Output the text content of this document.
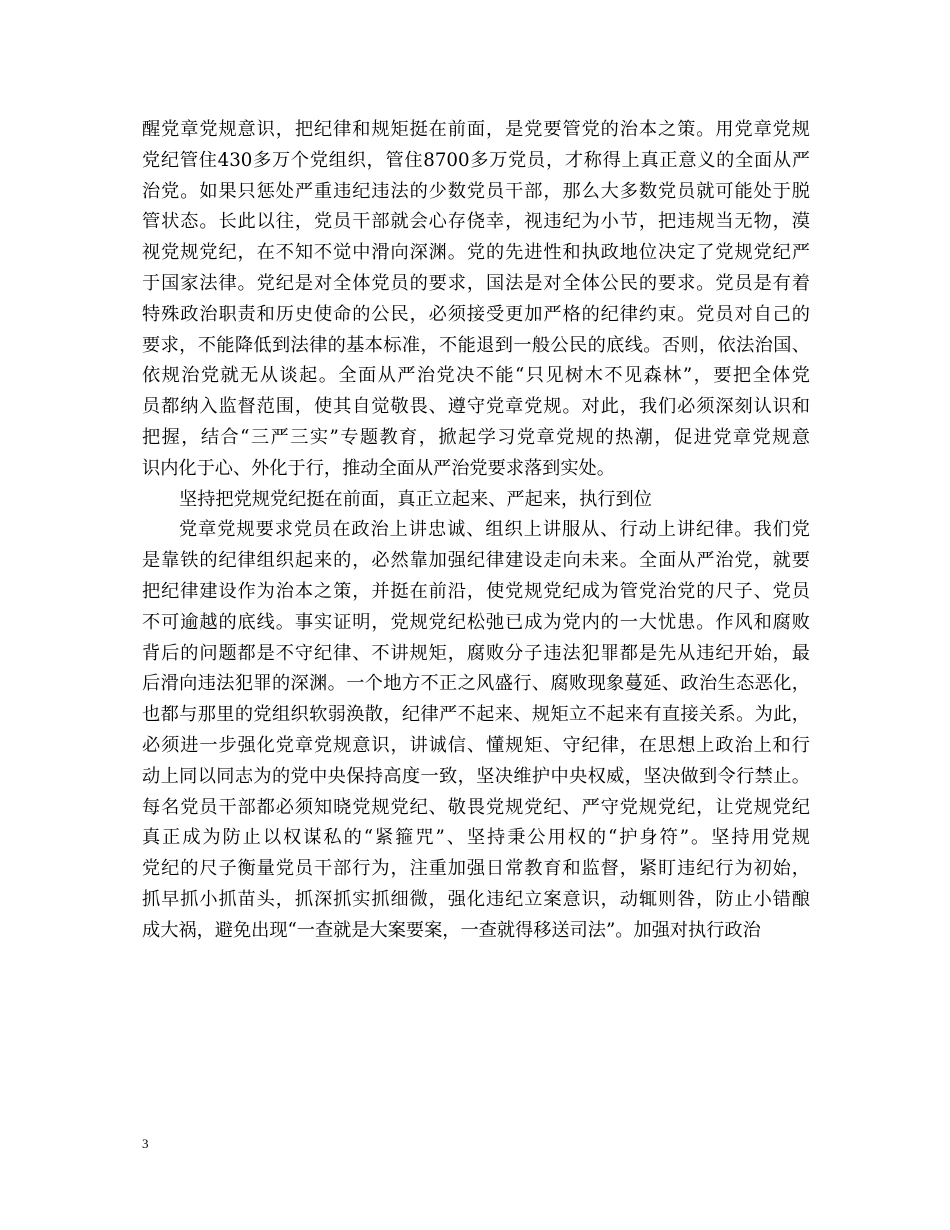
醒党章党规意识，把纪律和规矩挺在前面，是党要管党的治本之策。用党章党规
党纪管住430多万个党组织，管住8700多万党员，才称得上真正意义的全面从严
治党。如果只惩处严重违纪违法的少数党员干部，那么大多数党员就可能处于脱
管状态。长此以往，党员干部就会心存侥幸，视违纪为小节，把违规当无物，漠
视党规党纪，在不知不觉中滑向深渊。党的先进性和执政地位决定了党规党纪严
于国家法律。党纪是对全体党员的要求，国法是对全体公民的要求。党员是有着
特殊政治职责和历史使命的公民，必须接受更加严格的纪律约束。党员对自己的
要求，不能降低到法律的基本标准，不能退到一般公民的底线。否则，依法治国、
依规治党就无从谈起。全面从严治党决不能“只见树木不见森林”，要把全体党
员都纳入监督范围，使其自觉敬畏、遵守党章党规。对此，我们必须深刻认识和
把握，结合“三严三实”专题教育，掀起学习党章党规的热潮，促进党章党规意
识内化于心、外化于行，推动全面从严治党要求落到实处。
坚持把党规党纪挺在前面，真正立起来、严起来，执行到位
党章党规要求党员在政治上讲忠诚、组织上讲服从、行动上讲纪律。我们党
是靠铁的纪律组织起来的，必然靠加强纪律建设走向未来。全面从严治党，就要
把纪律建设作为治本之策，并挺在前沿，使党规党纪成为管党治党的尺子、党员
不可逾越的底线。事实证明，党规党纪松弛已成为党内的一大忧患。作风和腐败
背后的问题都是不守纪律、不讲规矩，腐败分子违法犯罪都是先从违纪开始，最
后滑向违法犯罪的深渊。一个地方不正之风盛行、腐败现象蔓延、政治生态恶化，
也都与那里的党组织软弱涣散，纪律严不起来、规矩立不起来有直接关系。为此，
必须进一步强化党章党规意识，讲诚信、懂规矩、守纪律，在思想上政治上和行
动上同以同志为的党中央保持高度一致，坚决维护中央权威，坚决做到令行禁止。
每名党员干部都必须知晓党规党纪、敬畏党规党纪、严守党规党纪，让党规党纪
真正成为防止以权谋私的“紧箍咒”、坚持秉公用权的“护身符”。坚持用党规
党纪的尺子衡量党员干部行为，注重加强日常教育和监督，紧盯违纪行为初始，
抓早抓小抓苗头，抓深抓实抓细微，强化违纪立案意识，动辄则咎，防止小错酿
成大祸，避免出现“一查就是大案要案，一查就得移送司法”。加强对执行政治
3
